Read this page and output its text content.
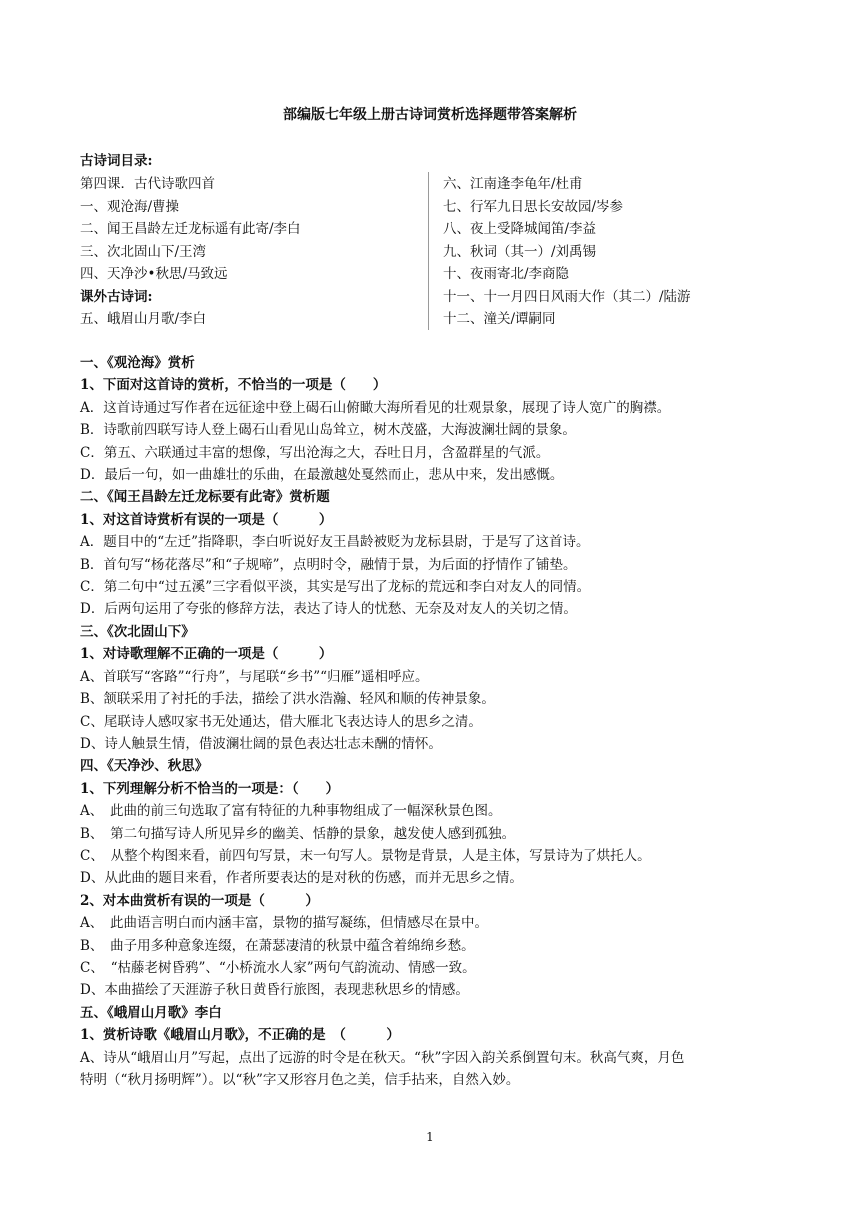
部编版七年级上册古诗词赏析选择题带答案解析
古诗词目录:
第四课．古代诗歌四首
一、观沧海/曹操
二、闻王昌龄左迁龙标遥有此寄/李白
三、次北固山下/王湾
四、天净沙•秋思/马致远
课外古诗词:
五、峨眉山月歌/李白
六、江南逢李龟年/杜甫
七、行军九日思长安故园/岑参
八、夜上受降城闻笛/李益
九、秋词（其一）/刘禹锡
十、夜雨寄北/李商隐
十一、十一月四日风雨大作（其二）/陆游
十二、潼关/谭嗣同
一、《观沧海》赏析
1、下面对这首诗的赏析，不恰当的一项是（　　）
A．这首诗通过写作者在远征途中登上碣石山俯瞰大海所看见的壮观景象，展现了诗人宽广的胸襟。
B．诗歌前四联写诗人登上碣石山看见山岛耸立，树木茂盛，大海波澜壮阔的景象。
C．第五、六联通过丰富的想像，写出沧海之大，吞吐日月，含盈群星的气派。
D．最后一句，如一曲雄壮的乐曲，在最激越处戛然而止，悲从中来，发出感慨。
二、《闻王昌龄左迁龙标要有此寄》赏析题
1、对这首诗赏析有误的一项是（　　　）
A．题目中的“左迁”指降职，李白听说好友王昌龄被贬为龙标县尉，于是写了这首诗。
B．首句写“杨花落尽”和“子规啼”，点明时令，融情于景，为后面的抒情作了铺垫。
C．第二句中“过五溪”三字看似平淡，其实是写出了龙标的荒远和李白对友人的同情。
D．后两句运用了夸张的修辞方法，表达了诗人的忧愁、无奈及对友人的关切之情。
三、《次北固山下》
1、对诗歌理解不正确的一项是（　　　）
A、首联写“客路”“行舟”，与尾联“乡书”“归雁”遥相呼应。
B、颔联采用了衬托的手法，描绘了洪水浩瀚、轻风和顺的传神景象。
C、尾联诗人感叹家书无处通达，借大雁北飞表达诗人的思乡之清。
D、诗人触景生情，借波澜壮阔的景色表达壮志未酬的情怀。
四、《天净沙、秋思》
1、下列理解分析不恰当的一项是：（　　）
A、　此曲的前三句选取了富有特征的九种事物组成了一幅深秋景色图。
B、　第二句描写诗人所见异乡的幽美、恬静的景象，越发使人感到孤独。
C、　从整个构图来看，前四句写景，末一句写人。景物是背景，人是主体，写景诗为了烘托人。
D、从此曲的题目来看，作者所要表达的是对秋的伤感，而并无思乡之情。
2、对本曲赏析有误的一项是（　　　）
A、　此曲语言明白而内涵丰富，景物的描写凝练，但情感尽在景中。
B、　曲子用多种意象连缀，在萧瑟凄清的秋景中蕴含着绵绵乡愁。
C、　“枯藤老树昏鸦”、“小桥流水人家”两句气韵流动、情感一致。
D、本曲描绘了天涯游子秋日黄昏行旅图，表现悲秋思乡的情感。
五、《峨眉山月歌》李白
1、赏析诗歌《峨眉山月歌》，不正确的是　（　　　）
A、诗从“峨眉山月”写起，点出了远游的时令是在秋天。“秋”字因入韵关系倒置句末。秋高气爽，月色
特明（“秋月扬明辉”）。以“秋”字又形容月色之美，信手拈来，自然入妙。
1
